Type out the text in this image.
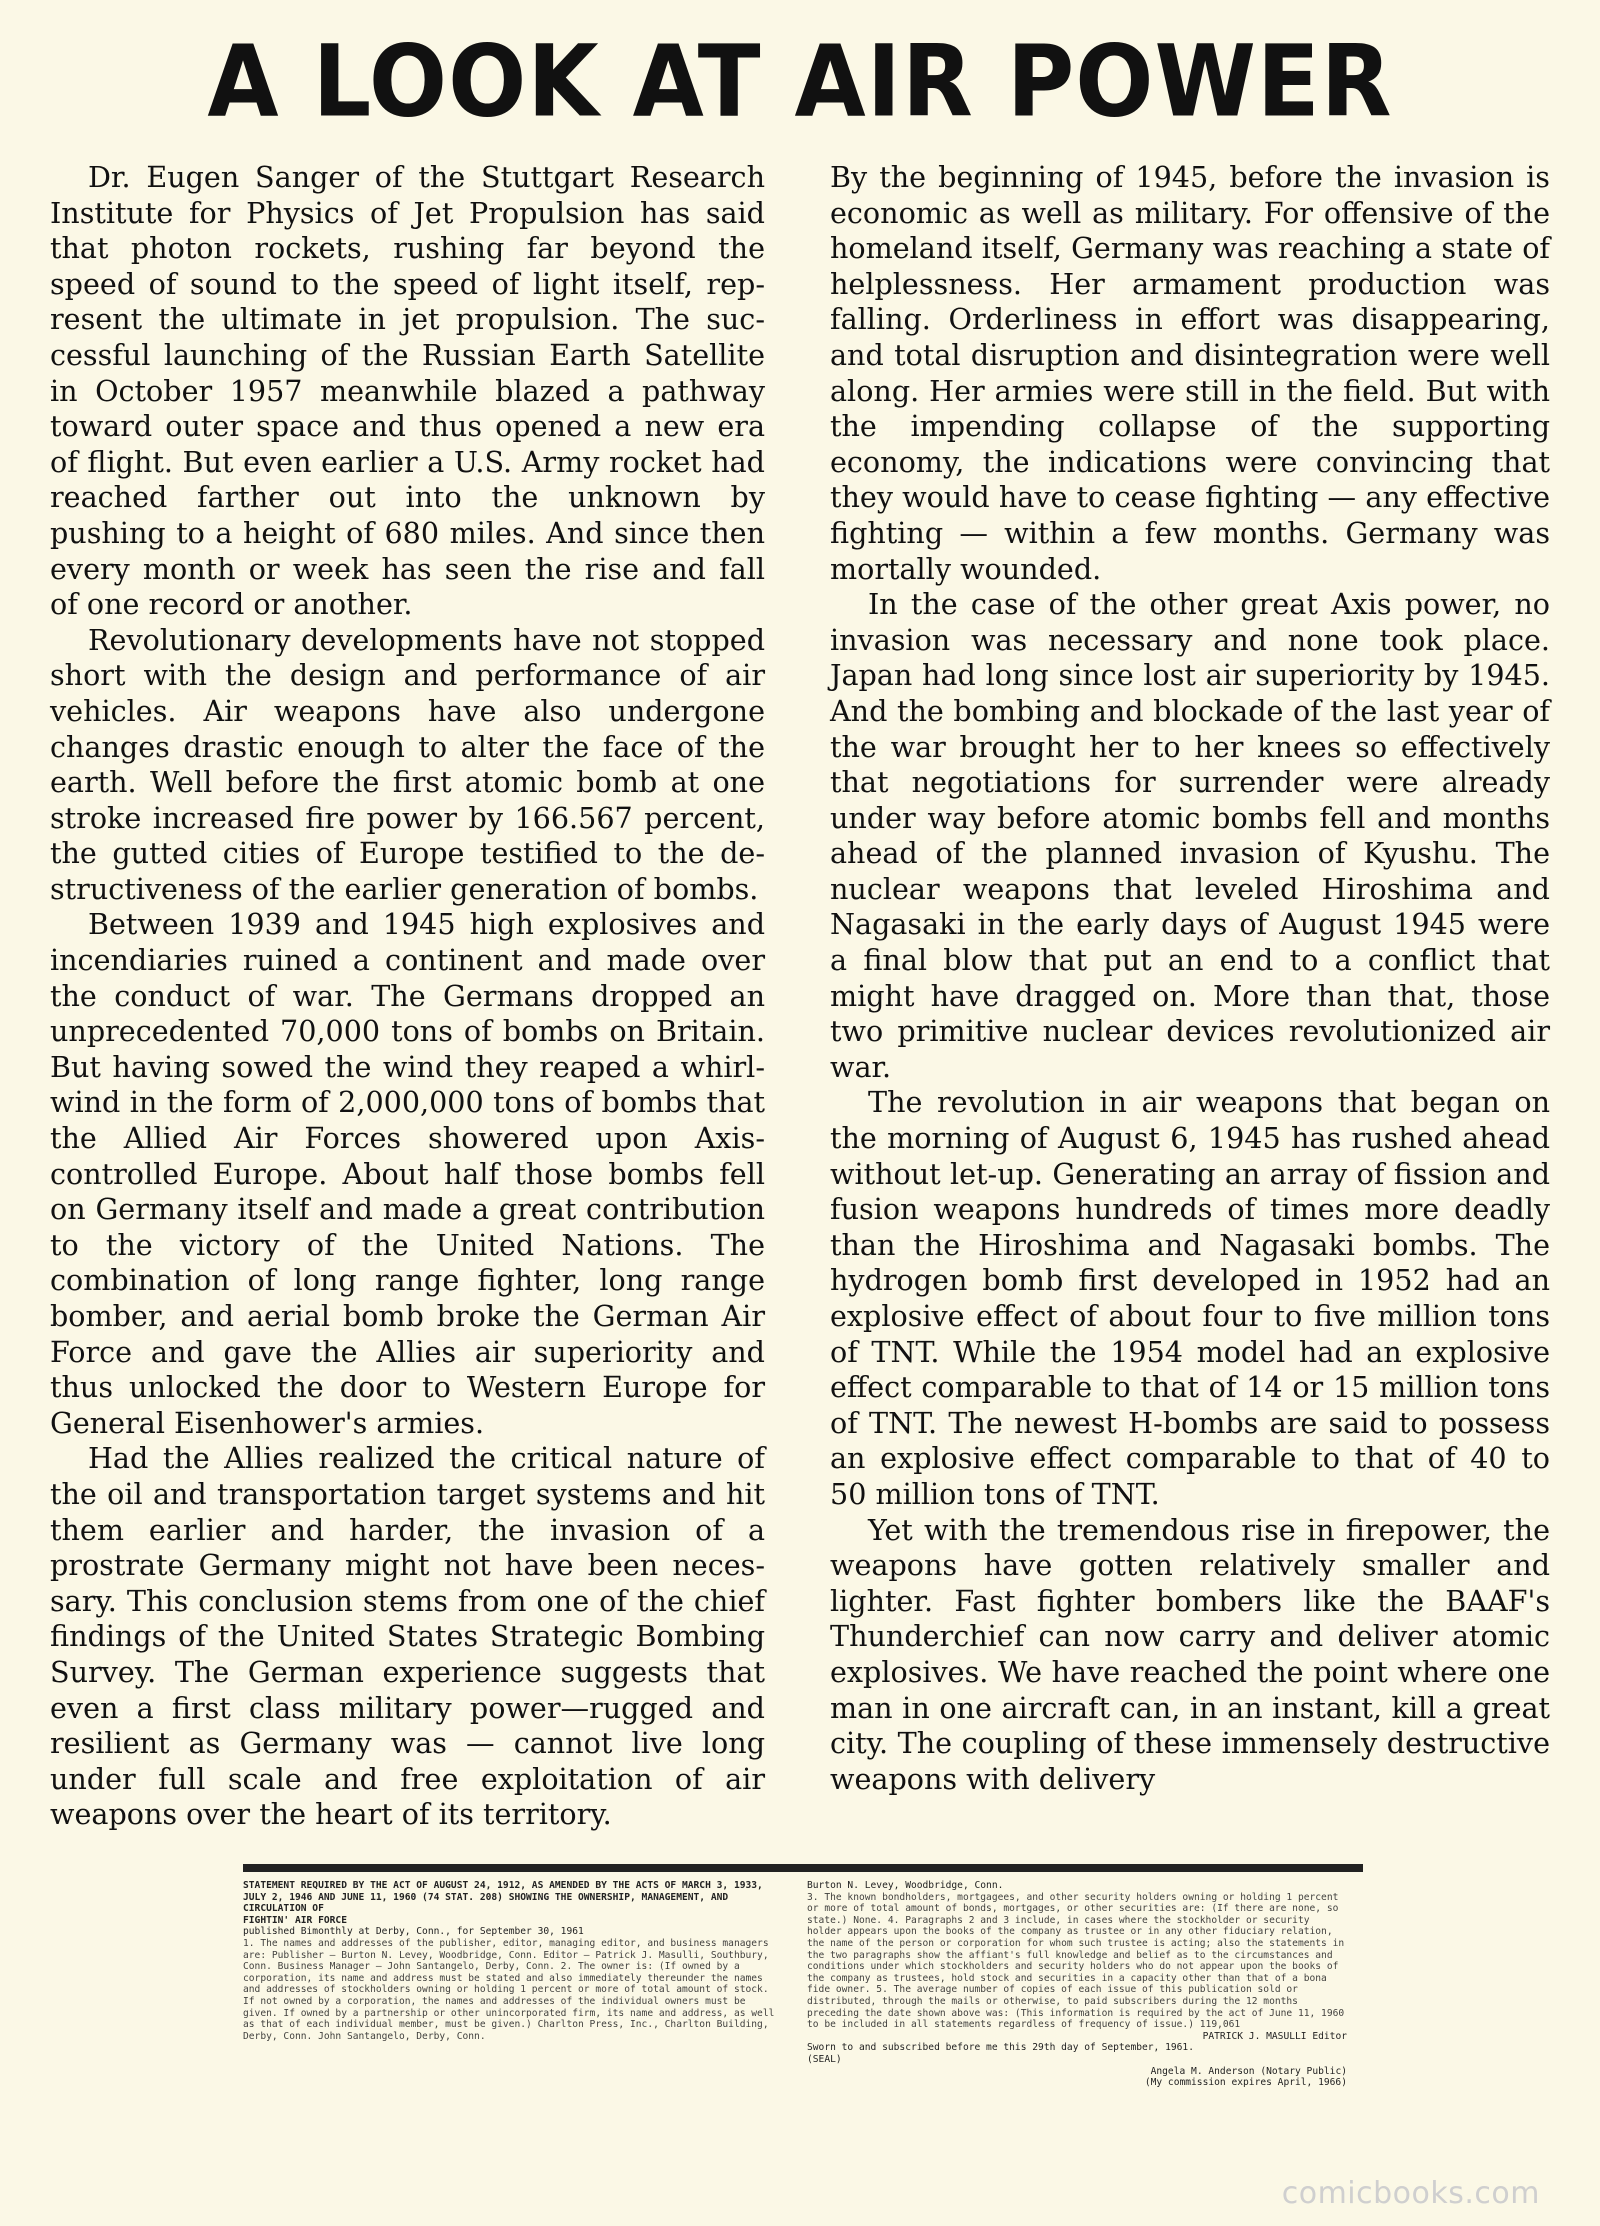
A LOOK AT AIR POWER

Dr. Eugen Sanger of the Stuttgart Research Institute for Physics of Jet Propulsion has said that photon rockets, rushing far beyond the speed of sound to the speed of light itself, represent the ultimate in jet propulsion. The successful launching of the Russian Earth Satellite in October 1957 meanwhile blazed a pathway toward outer space and thus opened a new era of flight. But even earlier a U.S. Army rocket had reached farther out into the unknown by pushing to a height of 680 miles. And since then every month or week has seen the rise and fall of one record or another.

Revolutionary developments have not stopped short with the design and performance of air vehicles. Air weapons have also undergone changes drastic enough to alter the face of the earth. Well before the first atomic bomb at one stroke increased fire power by 166.567 percent, the gutted cities of Europe testified to the destructiveness of the earlier generation of bombs.

Between 1939 and 1945 high explosives and incendiaries ruined a continent and made over the conduct of war. The Germans dropped an unprecedented 70,000 tons of bombs on Britain. But having sowed the wind they reaped a whirlwind in the form of 2,000,000 tons of bombs that the Allied Air Forces showered upon Axis-controlled Europe. About half those bombs fell on Germany itself and made a great contribution to the victory of the United Nations. The combination of long range fighter, long range bomber, and aerial bomb broke the German Air Force and gave the Allies air superiority and thus unlocked the door to Western Europe for General Eisenhower's armies.

Had the Allies realized the critical nature of the oil and transportation target systems and hit them earlier and harder, the invasion of a prostrate Germany might not have been necessary. This conclusion stems from one of the chief findings of the United States Strategic Bombing Survey. The German experience suggests that even a first class military power—rugged and resilient as Germany was — cannot live long under full scale and free exploitation of air weapons over the heart of its territory.

By the beginning of 1945, before the invasion is economic as well as military. For offensive of the homeland itself, Germany was reaching a state of helplessness. Her armament production was falling. Orderliness in effort was disappearing, and total disruption and disintegration were well along. Her armies were still in the field. But with the impending collapse of the supporting economy, the indications were convincing that they would have to cease fighting — any effective fighting — within a few months. Germany was mortally wounded.

In the case of the other great Axis power, no invasion was necessary and none took place. Japan had long since lost air superiority by 1945. And the bombing and blockade of the last year of the war brought her to her knees so effectively that negotiations for surrender were already under way before atomic bombs fell and months ahead of the planned invasion of Kyushu. The nuclear weapons that leveled Hiroshima and Nagasaki in the early days of August 1945 were a final blow that put an end to a conflict that might have dragged on. More than that, those two primitive nuclear devices revolutionized air war.

The revolution in air weapons that began on the morning of August 6, 1945 has rushed ahead without let-up. Generating an array of fission and fusion weapons hundreds of times more deadly than the Hiroshima and Nagasaki bombs. The hydrogen bomb first developed in 1952 had an explosive effect of about four to five million tons of TNT. While the 1954 model had an explosive effect comparable to that of 14 or 15 million tons of TNT. The newest H-bombs are said to possess an explosive effect comparable to that of 40 to 50 million tons of TNT.

Yet with the tremendous rise in firepower, the weapons have gotten relatively smaller and lighter. Fast fighter bombers like the BAAF's Thunderchief can now carry and deliver atomic explosives. We have reached the point where one man in one aircraft can, in an instant, kill a great city. The coupling of these immensely destructive weapons with delivery

STATEMENT REQUIRED BY THE ACT OF AUGUST 24, 1912, AS AMENDED BY THE ACTS OF MARCH 3, 1933, JULY 2, 1946 AND JUNE 11, 1960 (74 STAT. 208) SHOWING THE OWNERSHIP, MANAGEMENT, AND CIRCULATION OF
FIGHTIN' AIR FORCE
published Bimonthly at Derby, Conn., for September 30, 1961
1. The names and addresses of the publisher, editor, managing editor, and business managers are: Publisher — Burton N. Levey, Woodbridge, Conn. Editor — Patrick J. Masulli, Southbury, Conn. Business Manager — John Santangelo, Derby, Conn. 2. The owner is: (If owned by a corporation, its name and address must be stated and also immediately thereunder the names and addresses of stockholders owning or holding 1 percent or more of total amount of stock. If not owned by a corporation, the names and addresses of the individual owners must be given. If owned by a partnership or other unincorporated firm, its name and address, as well as that of each individual member, must be given.) Charlton Press, Inc., Charlton Building, Derby, Conn. John Santangelo, Derby, Conn.
Burton N. Levey, Woodbridge, Conn.
3. The known bondholders, mortgagees, and other security holders owning or holding 1 percent or more of total amount of bonds, mortgages, or other securities are: (If there are none, so state.) None. 4. Paragraphs 2 and 3 include, in cases where the stockholder or security holder appears upon the books of the company as trustee or in any other fiduciary relation, the name of the person or corporation for whom such trustee is acting; also the statements in the two paragraphs show the affiant's full knowledge and belief as to the circumstances and conditions under which stockholders and security holders who do not appear upon the books of the company as trustees, hold stock and securities in a capacity other than that of a bona fide owner. 5. The average number of copies of each issue of this publication sold or distributed, through the mails or otherwise, to paid subscribers during the 12 months preceding the date shown above was: (This information is required by the act of June 11, 1960 to be included in all statements regardless of frequency of issue.) 119,061
PATRICK J. MASULLI Editor
Sworn to and subscribed before me this 29th day of September, 1961.
(SEAL)
Angela M. Anderson (Notary Public)
(My commission expires April, 1966)
comicbooks.com
